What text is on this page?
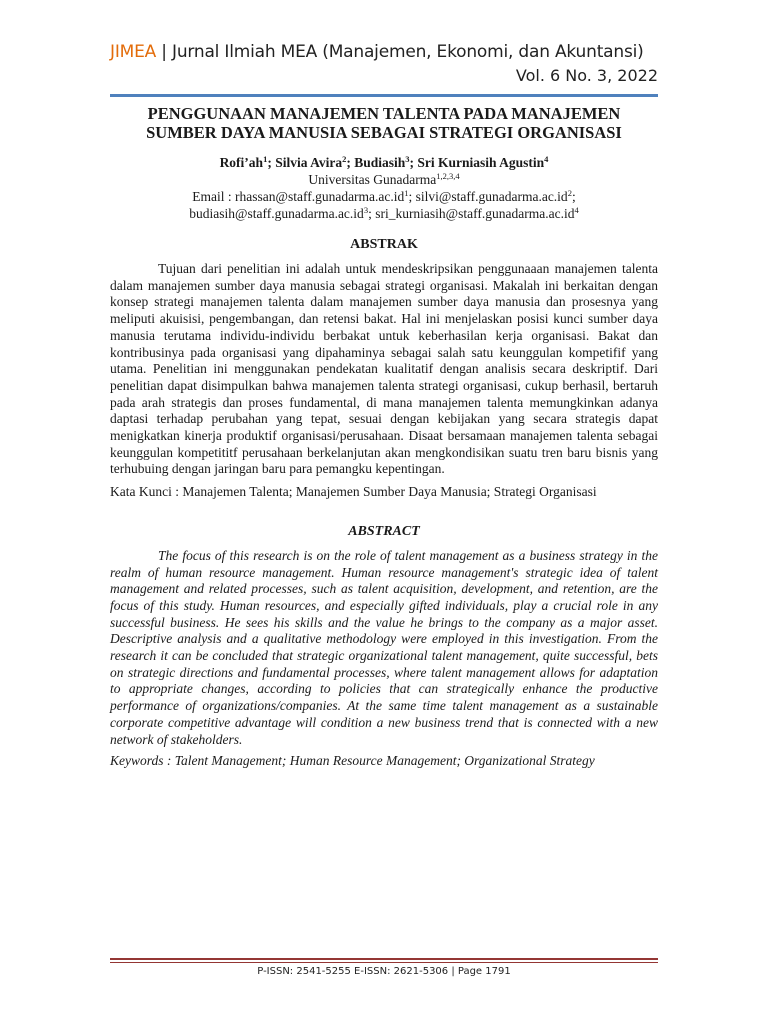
JIMEA | Jurnal Ilmiah MEA (Manajemen, Ekonomi, dan Akuntansi)
Vol. 6 No. 3, 2022
PENGGUNAAN MANAJEMEN TALENTA PADA MANAJEMEN
SUMBER DAYA MANUSIA SEBAGAI STRATEGI ORGANISASI
$Rofi’ah^1$; Silvia Avira$^2$; Budiasih$^3$; Sri Kurniasih Agustin$^4$
Universitas Gunadarma$^{1,2,3,4}$
Email : $rhassan@staff.gunadarma.ac.id^1$; $silvi@staff.gunadarma.ac.id^2$;
$budiasih@staff.gunadarma.ac.id^3$; $sri\_kurniasih@staff.gunadarma.ac.id^4$
ABSTRAK
Tujuan dari penelitian ini adalah untuk mendeskripsikan penggunaaan manajemen talenta dalam manajemen sumber daya manusia sebagai strategi organisasi. Makalah ini berkaitan dengan konsep strategi manajemen talenta dalam manajemen sumber daya manusia dan prosesnya yang meliputi akuisisi, pengembangan, dan retensi bakat. Hal ini menjelaskan posisi kunci sumber daya manusia terutama individu-individu berbakat untuk keberhasilan kerja organisasi. Bakat dan kontribusinya pada organisasi yang dipahaminya sebagai salah satu keunggulan kompetifif yang utama. Penelitian ini menggunakan pendekatan kualitatif dengan analisis secara deskriptif. Dari penelitian dapat disimpulkan bahwa manajemen talenta strategi organisasi, cukup berhasil, bertaruh pada arah strategis dan proses fundamental, di mana manajemen talenta memungkinkan adanya daptasi terhadap perubahan yang tepat, sesuai dengan kebijakan yang secara strategis dapat menigkatkan kinerja produktif organisasi/perusahaan. Disaat bersamaan manajemen talenta sebagai keunggulan kompetititf perusahaan berkelanjutan akan mengkondisikan suatu tren baru bisnis yang terhubuing dengan jaringan baru para pemangku kepentingan.
Kata Kunci : Manajemen Talenta; Manajemen Sumber Daya Manusia; Strategi Organisasi
ABSTRACT
The focus of this research is on the role of talent management as a business strategy in the realm of human resource management. Human resource management's strategic idea of talent management and related processes, such as talent acquisition, development, and retention, are the focus of this study. Human resources, and especially gifted individuals, play a crucial role in any successful business. He sees his skills and the value he brings to the company as a major asset. Descriptive analysis and a qualitative methodology were employed in this investigation. From the research it can be concluded that strategic organizational talent management, quite successful, bets on strategic directions and fundamental processes, where talent management allows for adaptation to appropriate changes, according to policies that can strategically enhance the productive performance of organizations/companies. At the same time talent management as a sustainable corporate competitive advantage will condition a new business trend that is connected with a new network of stakeholders.
Keywords : Talent Management; Human Resource Management; Organizational Strategy
P-ISSN: 2541-5255 E-ISSN: 2621-5306 | Page 1791
